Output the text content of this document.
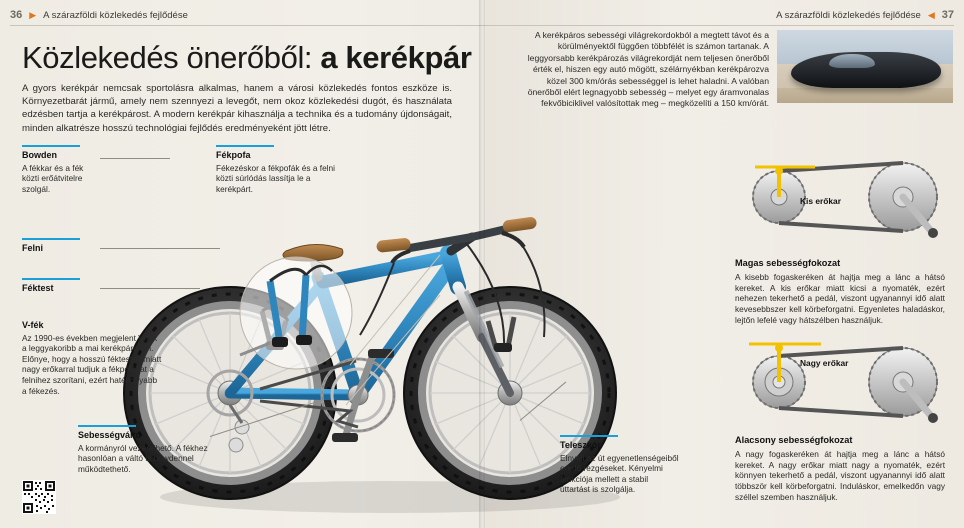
36 ▶ A szárazföldi közlekedés fejlődése	A szárazföldi közlekedés fejlődése ◀ 37
Közlekedés önerőből: a kerékpár
A gyors kerékpár nemcsak sportolásra alkalmas, hanem a városi közlekedés fontos eszköze is. Környezetbarát jármű, amely nem szennyezi a levegőt, nem okoz közlekedési dugót, és használata edzésben tartja a kerékpárost. A modern kerékpár kihasználja a technika és a tudomány újdonságait, minden alkatrésze hosszú technológiai fejlődés eredményeként jött létre.
A kerékpáros sebességi világrekordokból a megtett távot és a körülményektől függően többfélét is számon tartanak. A leggyorsabb kerékpározás világrekordját nem teljesen önerőből érték el, hiszen egy autó mögött, szélárnyékban kerékpározva közel 300 km/órás sebességgel is lehet haladni. A valóban önerőből elért legnagyobb sebesség – melyet egy áramvonalas fekvőbiciklivel valósítottak meg – megközelíti a 150 km/órát.
Bowden
A fékkar és a fék közti erőátvitelre szolgál.
Felni
Féktest
Fékpofa
Fékezéskor a fékpofák és a felni közti súrlódás lassítja le a kerékpárt.
V-fék
Az 1990-es években megjelent V-fék a leggyakoribb a mai kerékpárokon. Előnye, hogy a hosszú féktestek miatt nagy erőkarral tudjuk a fékpofákat a felnihez szorítani, ezért hatékonyabb a fékezés.
Sebességváltó
A kormányról vezérelhető. A fékhez hasonlóan a váltó is bowdennel működtethető.
Teleszkóp
Elnyeli az út egyenetlenségeiből eredő rezgéseket. Kényelmi funkciója mellett a stabil úttartást is szolgálja.
Kis erőkar
Magas sebességfokozat
A kisebb fogaskeréken át hajtja meg a lánc a hátsó kereket. A kis erőkar miatt kicsi a nyomaték, ezért nehezen tekerhető a pedál, viszont ugyanannyi idő alatt kevesebbszer kell körbeforgatni. Egyenletes haladáskor, lejtőn lefelé vagy hátszélben használjuk.
Nagy erőkar
Alacsony sebességfokozat
A nagy fogaskeréken át hajtja meg a lánc a hátsó kereket. A nagy erőkar miatt nagy a nyomaték, ezért könnyen tekerhető a pedál, viszont ugyanannyi idő alatt többször kell körbeforgatni. Induláskor, emelkedőn vagy széllel szemben használjuk.
